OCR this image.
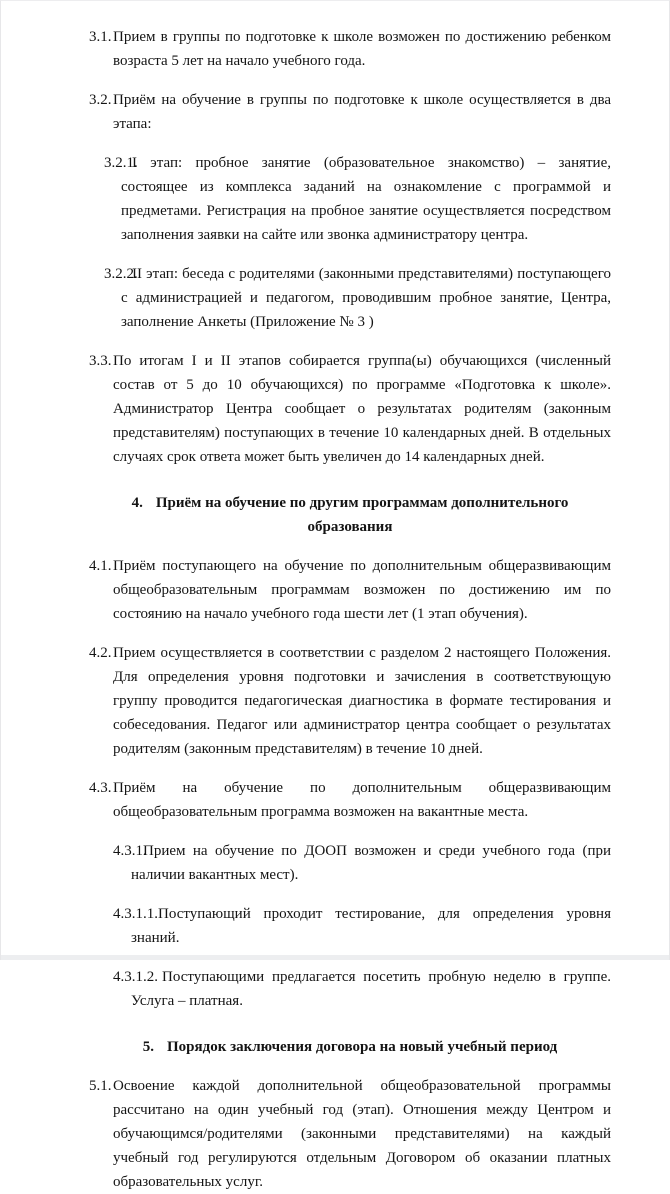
3.1. Прием в группы по подготовке к школе возможен по достижению ребенком возраста 5 лет на начало учебного года.

3.2. Приём на обучение в группы по подготовке к школе осуществляется в два этапа:

3.2.1.I этап: пробное занятие (образовательное знакомство) – занятие, состоящее из комплекса заданий на ознакомление с программой и предметами. Регистрация на пробное занятие осуществляется посредством заполнения заявки на сайте или звонка администратору центра.

3.2.2.II этап: беседа с родителями (законными представителями) поступающего с администрацией и педагогом, проводившим пробное занятие, Центра, заполнение Анкеты (Приложение № 3 )

3.3. По итогам I и II этапов собирается группа(ы) обучающихся (численный состав от 5 до 10 обучающихся) по программе «Подготовка к школе». Администратор Центра сообщает о результатах родителям (законным представителям) поступающих в течение 10 календарных дней. В отдельных случаях срок ответа может быть увеличен до 14 календарных дней.

4. Приём на обучение по другим программам дополнительного образования

4.1. Приём поступающего на обучение по дополнительным общеразвивающим общеобразовательным программам возможен по достижению им по состоянию на начало учебного года шести лет (1 этап обучения).

4.2. Прием осуществляется в соответствии с разделом 2 настоящего Положения. Для определения уровня подготовки и зачисления в соответствующую группу проводится педагогическая диагностика в формате тестирования и собеседования. Педагог или администратор центра сообщает о результатах родителям (законным представителям) в течение 10 дней.

4.3. Приём на обучение по дополнительным общеразвивающим общеобразовательным программа возможен на вакантные места.

4.3.1.Прием на обучение по ДООП возможен и среди учебного года (при наличии вакантных мест).

4.3.1.1.Поступающий проходит тестирование, для определения уровня знаний.

4.3.1.2. Поступающими предлагается посетить пробную неделю в группе. Услуга – платная.

5. Порядок заключения договора на новый учебный период

5.1. Освоение каждой дополнительной общеобразовательной программы рассчитано на один учебный год (этап). Отношения между Центром и обучающимся/родителями (законными представителями) на каждый учебный год регулируются отдельным Договором об оказании платных образовательных услуг.
